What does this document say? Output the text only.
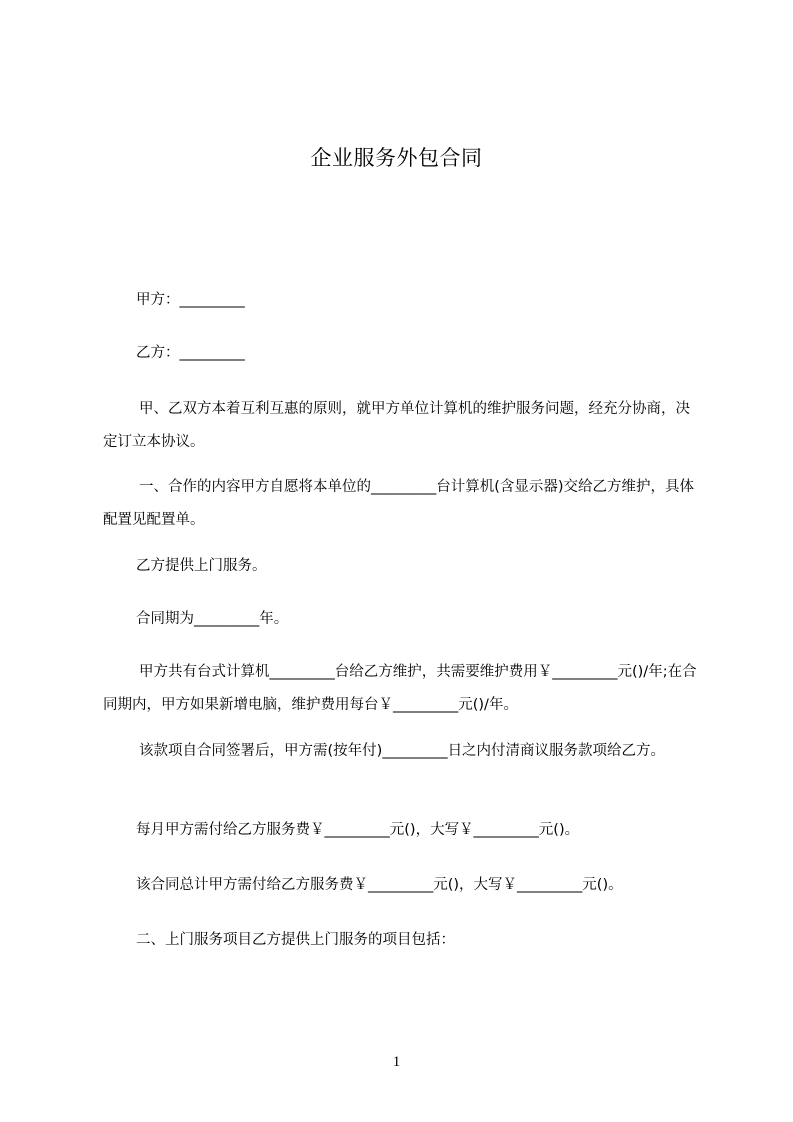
企业服务外包合同

甲方：_________

乙方：_________

甲、乙双方本着互利互惠的原则，就甲方单位计算机的维护服务问题，经充分协商，决定订立本协议。

一、合作的内容甲方自愿将本单位的_________台计算机(含显示器)交给乙方维护，具体配置见配置单。

乙方提供上门服务。

合同期为_________年。

甲方共有台式计算机_________台给乙方维护，共需要维护费用￥_________元()/年;在合同期内，甲方如果新增电脑，维护费用每台￥_________元()/年。

该款项自合同签署后，甲方需(按年付)_________日之内付清商议服务款项给乙方。

每月甲方需付给乙方服务费￥_________元()，大写￥_________元()。

该合同总计甲方需付给乙方服务费￥_________元()，大写￥_________元()。

二、上门服务项目乙方提供上门服务的项目包括：

1
